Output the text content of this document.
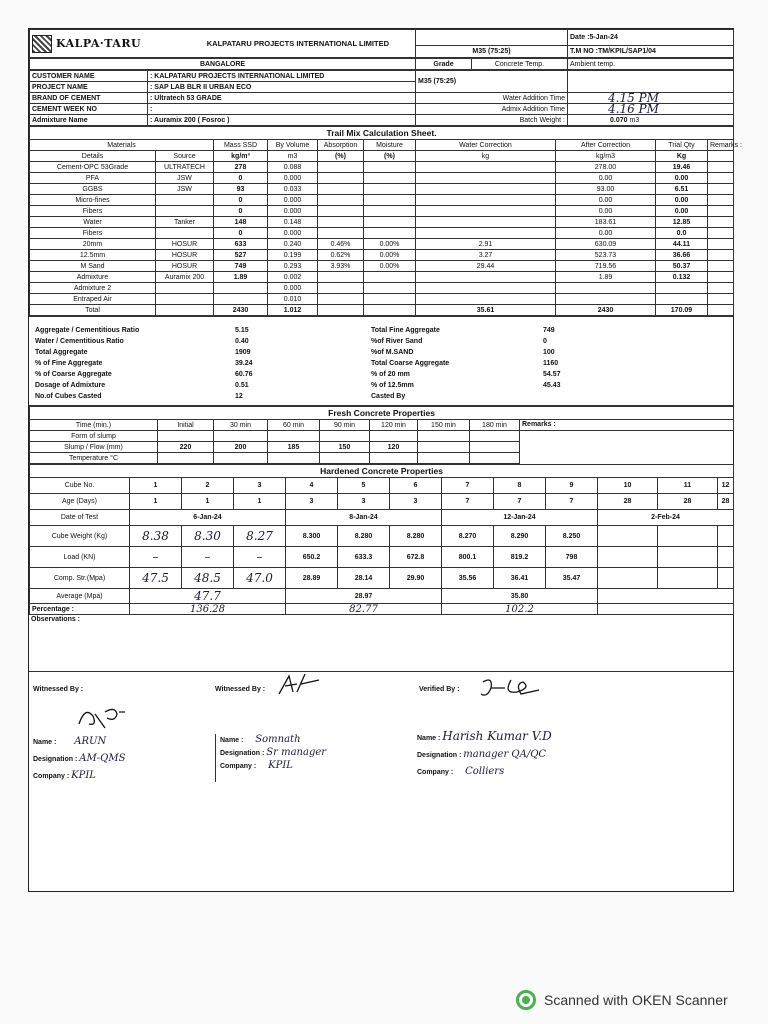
KALPA·TARU KALPATARU PROJECTS INTERNATIONAL LIMITED		Date :5-Jan-24
	M35 (75:25)	T.M NO :TM/KPIL/SAP1/04
BANGALORE	Grade	Concrete Temp.	Ambient temp.
CUSTOMER NAME	: KALPATARU PROJECTS INTERNATIONAL LIMITED	M35 (75:25)	
PROJECT NAME	: SAP LAB BLR II URBAN ECO		
BRAND OF CEMENT	: Ultratech 53 GRADE	Water Addition Time	4.15 PM
CEMENT WEEK NO	:	Admix Addition Time	4.16 PM
Admixture Name	: Auramix 200 ( Fosroc )	Batch Weight :	0.070 m3
Trail Mix Calculation Sheet.									
Materials		Mass SSD	By Volume	Absorption	Moisture	Water Correction	After Correction	Trial Qty	Remarks :
Details	Source	kg/m³	m3	(%)	(%)	kg	kg/m3	Kg	
Cement-OPC 53Grade	ULTRATECH	278	0.088				278.00	19.46	
PFA	JSW	0	0.000				0.00	0.00	
GGBS	JSW	93	0.033				93.00	6.51	
Micro-fines		0	0.000				0.00	0.00	
Fibers		0	0.000				0.00	0.00	
Water	Tanker	148	0.148				183.61	12.85	
Fibers		0	0.000				0.00	0.0	
20mm	HOSUR	633	0.240	0.46%	0.00%	2.91	630.09	44.11	
12.5mm	HOSUR	527	0.199	0.62%	0.00%	3.27	523.73	36.66	
M Sand	HOSUR	749	0.293	3.93%	0.00%	29.44	719.56	50.37	
Admixture	Auramix 200	1.89	0.002				1.89	0.132	
Admixture 2			0.000						
Entraped Air			0.010						
Total		2430	1.012			35.61	2430	170.09	
Aggregate / Cementitious Ratio	5.15	Total Fine Aggregate	749
Water / Cementitious Ratio	0.40	%of River Sand	0
Total Aggregate	1909	%of M.SAND	100
% of Fine Aggregate	39.24	Total Coarse Aggregate	1160
% of Coarse Aggregate	60.76	% of 20 mm	54.57
Dosage of Admixture	0.51	% of 12.5mm	45.43
No.of Cubes Casted	12	Casted By	
Fresh Concrete Properties								
Time (min.)	Initial	30 min	60 min	90 min	120 min	150 min	180 min	Remarks :
Form of slump								
Slump / Flow (mm)	220	200	185	150	120			
Temperature °C								
Hardened Concrete Properties													
Cube No.	1	2	3	4	5	6	7	8	9	10	11	12	
Age (Days)	1	1	1	3	3	3	7	7	7	28	28	28	
Date of Test	6-Jan-24			8-Jan-24			12-Jan-24			2-Feb-24			
Cube Weight (Kg)	8.38	8.30	8.27	8.300	8.280	8.280	8.270	8.290	8.250				
Load (KN)	–	–	–	650.2	633.3	672.8	800.1	819.2	798				
Comp. Str.(Mpa)	47.5	48.5	47.0	28.89	28.14	29.90	35.56	36.41	35.47				
Average (Mpa)	47.7			28.97			35.80						
Percentage :	136.28			82.77			102.2						
Observations :
Witnessed By :	Witnessed By :	Verified By :
Name : ARUN
Designation : AM-QMS
Company : KPIL
Name : Somnath
Designation : Sr manager
Company : KPIL
Name : Harish Kumar V.D
Designation : manager QA/QC
Company : Colliers
Scanned with OKEN Scanner
